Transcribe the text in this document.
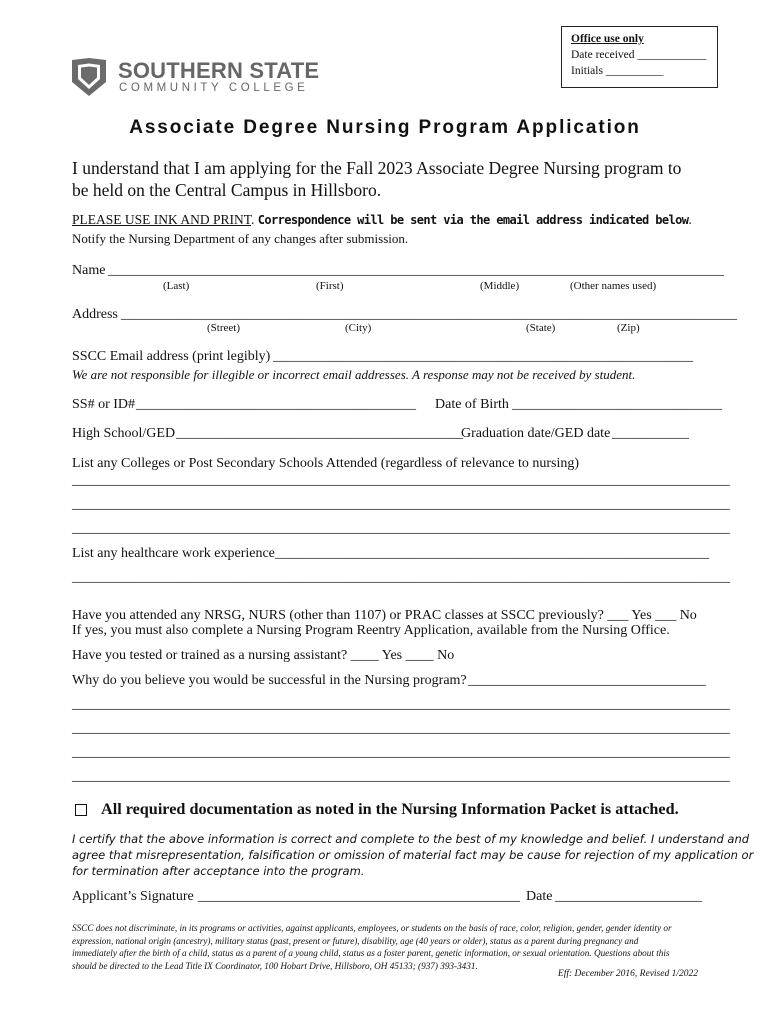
Office use only
Date received ____________
Initials __________
SOUTHERN STATE
COMMUNITY COLLEGE
Associate Degree Nursing Program Application
I understand that I am applying for the Fall 2023 Associate Degree Nursing program to
be held on the Central Campus in Hillsboro.
PLEASE USE INK AND PRINT. Correspondence will be sent via the email address indicated below.
Notify the Nursing Department of any changes after submission.
Name ________________________________________________________________________________________
(Last)	(First)	(Middle)	(Other names used)
Address ________________________________________________________________________________________
(Street)	(City)	(State)	(Zip)
SSCC Email address (print legibly) ____________________________________________________________
We are not responsible for illegible or incorrect email addresses. A response may not be received by student.
SS# or ID# ________________________________________ Date of Birth ______________________________
High School/GED _________________________________________
Graduation date/GED date ___________
List any Colleges or Post Secondary Schools Attended (regardless of relevance to nursing)
______________________________________________________________________________________________
______________________________________________________________________________________________
______________________________________________________________________________________________
List any healthcare work experience ______________________________________________________________
______________________________________________________________________________________________
Have you attended any NRSG, NURS (other than 1107) or PRAC classes at SSCC previously? ___ Yes ___ No
If yes, you must also complete a Nursing Program Reentry Application, available from the Nursing Office.
Have you tested or trained as a nursing assistant? ____ Yes ____ No
Why do you believe you would be successful in the Nursing program? __________________________________
______________________________________________________________________________________________
______________________________________________________________________________________________
______________________________________________________________________________________________
______________________________________________________________________________________________
All required documentation as noted in the Nursing Information Packet is attached.
I certify that the above information is correct and complete to the best of my knowledge and belief. I understand and
agree that misrepresentation, falsification or omission of material fact may be cause for rejection of my application or
for termination after acceptance into the program.
Applicant’s Signature ______________________________________________ Date _____________________
SSCC does not discriminate, in its programs or activities, against applicants, employees, or students on the basis of race, color, religion, gender, gender identity or
expression, national origin (ancestry), military status (past, present or future), disability, age (40 years or older), status as a parent during pregnancy and
immediately after the birth of a child, status as a parent of a young child, status as a foster parent, genetic information, or sexual orientation. Questions about this
should be directed to the Lead Title IX Coordinator, 100 Hobart Drive, Hillsboro, OH 45133; (937) 393-3431.
Eff: December 2016, Revised 1/2022
